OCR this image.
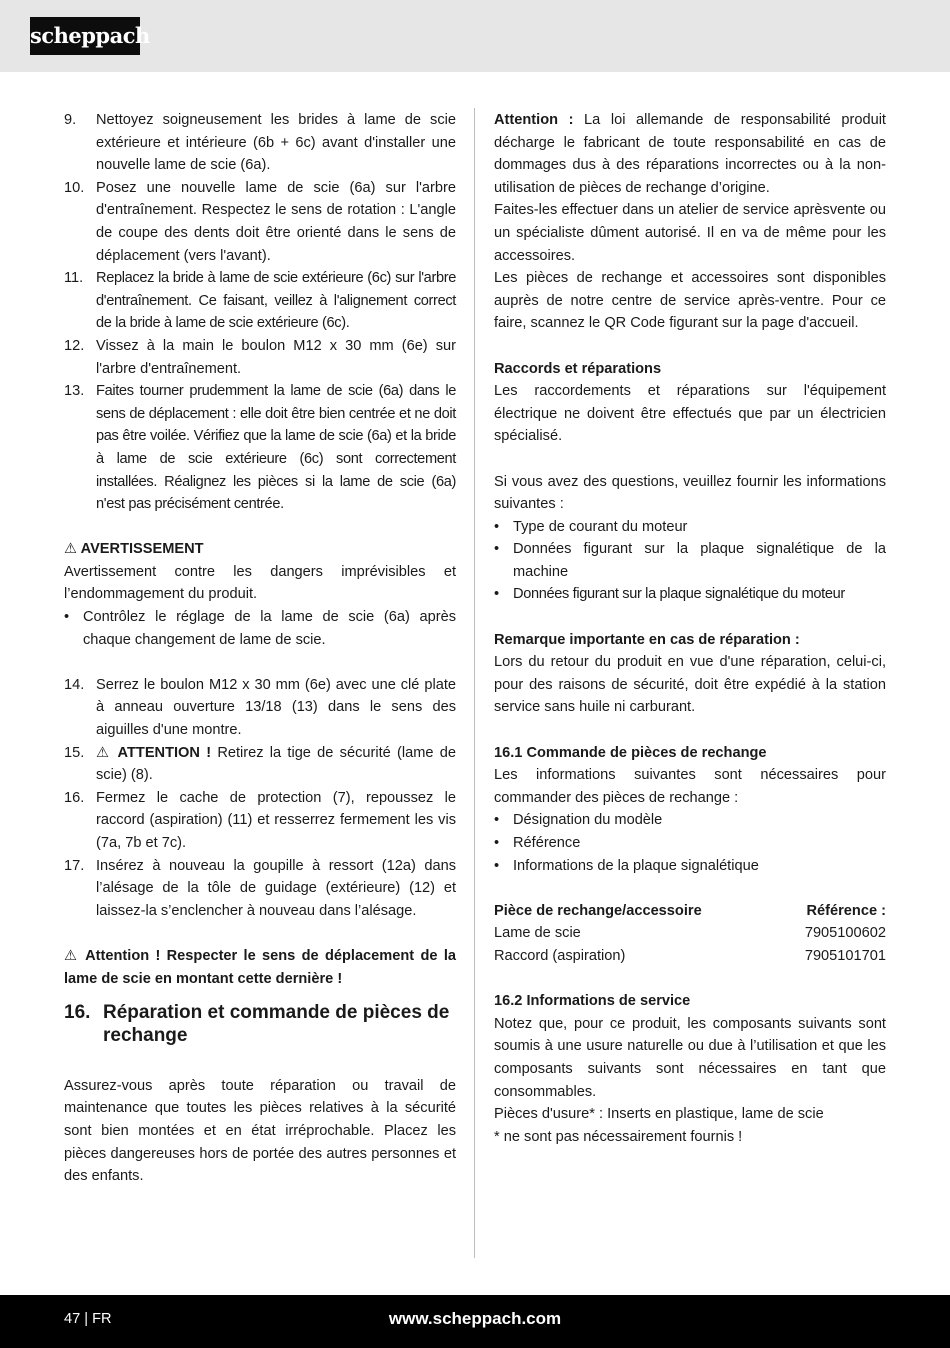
scheppach
9.	Nettoyez soigneusement les brides à lame de scie extérieure et intérieure (6b + 6c) avant d'installer une nouvelle lame de scie (6a).
10. Posez une nouvelle lame de scie (6a) sur l'arbre d'entraînement. Respectez le sens de rotation : L'angle de coupe des dents doit être orienté dans le sens de déplacement (vers l'avant).
11. Replacez la bride à lame de scie extérieure (6c) sur l'arbre d'entraînement. Ce faisant, veillez à l'alignement correct de la bride à lame de scie extérieure (6c).
12. Vissez à la main le boulon M12 x 30 mm (6e) sur l'arbre d'entraînement.
13. Faites tourner prudemment la lame de scie (6a) dans le sens de déplacement : elle doit être bien centrée et ne doit pas être voilée. Vérifiez que la lame de scie (6a) et la bride à lame de scie extérieure (6c) sont correctement installées. Réalignez les pièces si la lame de scie (6a) n'est pas précisément centrée.
⚠ AVERTISSEMENT

Avertissement contre les dangers imprévisibles et l’endommagement du produit.

• Contrôlez le réglage de la lame de scie (6a) après chaque changement de lame de scie.
14. Serrez le boulon M12 x 30 mm (6e) avec une clé plate à anneau ouverture 13/18 (13) dans le sens des aiguilles d'une montre.
15. ⚠ ATTENTION ! Retirez la tige de sécurité (lame de scie) (8).
16. Fermez le cache de protection (7), repoussez le raccord (aspiration) (11) et resserrez fermement les vis (7a, 7b et 7c).
17. Insérez à nouveau la goupille à ressort (12a) dans l’alésage de la tôle de guidage (extérieure) (12) et laissez-la s’enclencher à nouveau dans l’alésage.

⚠ Attention ! Respecter le sens de déplacement de la lame de scie en montant cette dernière !

16. Réparation et commande de pièces de rechange

Assurez-vous après toute réparation ou travail de maintenance que toutes les pièces relatives à la sécurité sont bien montées et en état irréprochable. Placez les pièces dangereuses hors de portée des autres personnes et des enfants.

Attention : La loi allemande de responsabilité produit décharge le fabricant de toute responsabilité en cas de dommages dus à des réparations incorrectes ou à la non-utilisation de pièces de rechange d’origine.

Faites-les effectuer dans un atelier de service aprèsvente ou un spécialiste dûment autorisé. Il en va de même pour les accessoires.

Les pièces de rechange et accessoires sont disponibles auprès de notre centre de service après-ventre. Pour ce faire, scannez le QR Code figurant sur la page d'accueil.

Raccords et réparations

Les raccordements et réparations sur l'équipement électrique ne doivent être effectués que par un électricien spécialisé.

Si vous avez des questions, veuillez fournir les informations suivantes :

• Type de courant du moteur
• Données figurant sur la plaque signalétique de la machine
• Données figurant sur la plaque signalétique du moteur
Remarque importante en cas de réparation :

Lors du retour du produit en vue d'une réparation, celui-ci, pour des raisons de sécurité, doit être expédié à la station service sans huile ni carburant.

16.1 Commande de pièces de rechange

Les informations suivantes sont nécessaires pour commander des pièces de rechange :

• Désignation du modèle
• Référence
• Informations de la plaque signalétique
Pièce de rechange/accessoire	Référence :
Lame de scie	7905100602
Raccord (aspiration)	7905101701
16.2 Informations de service

Notez que, pour ce produit, les composants suivants sont soumis à une usure naturelle ou due à l’utilisation et que les composants suivants sont nécessaires en tant que consommables.

Pièces d'usure* : Inserts en plastique, lame de scie

* ne sont pas nécessairement fournis !

47 | FR	www.scheppach.com
